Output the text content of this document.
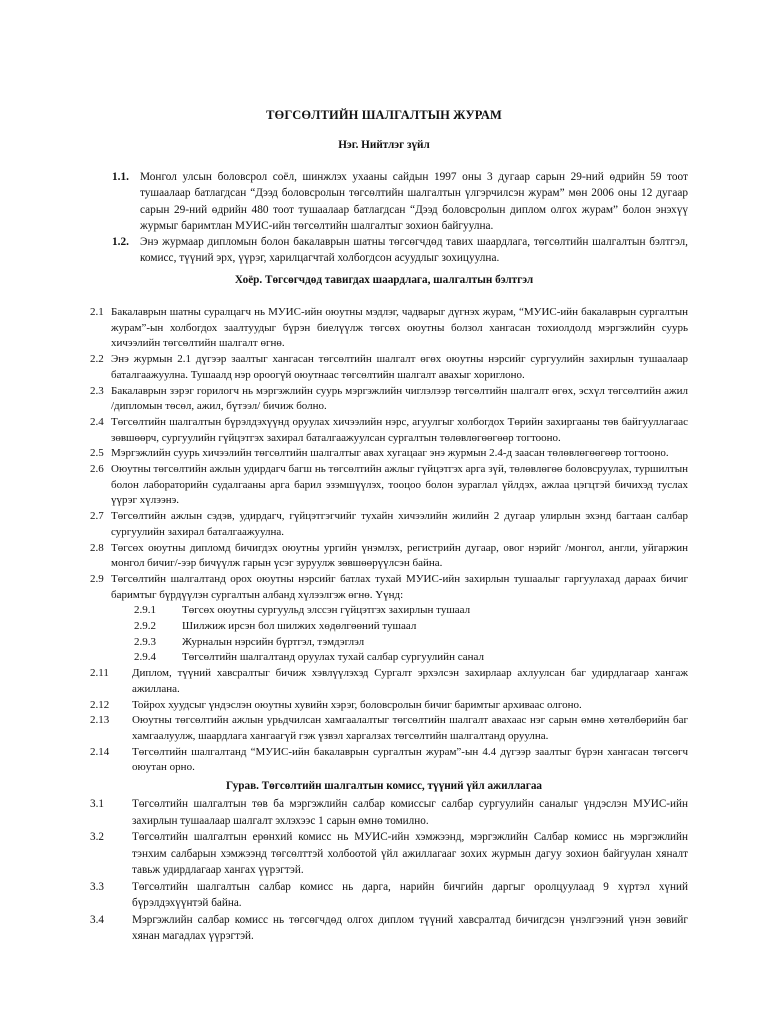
ТӨГСӨЛТИЙН ШАЛГАЛТЫН ЖУРАМ
Нэг. Нийтлэг зүйл
1.1. Монгол улсын боловсрол соёл, шинжлэх ухааны сайдын 1997 оны 3 дугаар сарын 29-ний өдрийн 59 тоот тушаалаар батлагдсан “Дээд боловсролын төгсөлтийн шалгалтын үлгэрчилсэн журам” мөн 2006 оны 12 дугаар сарын 29-ний өдрийн 480 тоот тушаалаар батлагдсан “Дээд боловсролын диплом олгох журам” болон энэхүү журмыг баримтлан МУИС-ийн төгсөлтийн шалгалтыг зохион байгуулна.
1.2. Энэ журмаар дипломын болон бакалаврын шатны төгсөгчдөд тавих шаардлага, төгсөлтийн шалгалтын бэлтгэл, комисс, түүний эрх, үүрэг, харилцагчтай холбогдсон асуудлыг зохицуулна.
Хоёр. Төгсөгчдөд тавигдах шаардлага, шалгалтын бэлтгэл
2.1 Бакалаврын шатны суралцагч нь МУИС-ийн оюутны мэдлэг, чадварыг дүгнэх журам, “МУИС-ийн бакалаврын сургалтын журам”-ын холбогдох заалтуудыг бүрэн биелүүлж төгсөх оюутны болзол хангасан тохиолдолд мэргэжлийн суурь хичээлийн төгсөлтийн шалгалт өгнө.
2.2 Энэ журмын 2.1 дүгээр заалтыг хангасан төгсөлтийн шалгалт өгөх оюутны нэрсийг сургуулийн захирлын тушаалаар баталгаажуулна. Тушаалд нэр ороогүй оюутнаас төгсөлтийн шалгалт авахыг хориглоно.
2.3 Бакалаврын зэрэг горилогч нь мэргэжлийн суурь мэргэжлийн чиглэлээр төгсөлтийн шалгалт өгөх, эсхүл төгсөлтийн ажил /дипломын төсөл, ажил, бүтээл/ бичиж болно.
2.4 Төгсөлтийн шалгалтын бүрэлдэхүүнд оруулах хичээлийн нэрс, агуулгыг холбогдох Төрийн захиргааны төв байгууллагаас зөвшөөрч, сургуулийн гүйцэтгэх захирал баталгаажуулсан сургалтын төлөвлөгөөгөөр тогтооно.
2.5 Мэргэжлийн суурь хичээлийн төгсөлтийн шалгалтыг авах хугацааг энэ журмын 2.4-д заасан төлөвлөгөөгөөр тогтооно.
2.6 Оюутны төгсөлтийн ажлын удирдагч багш нь төгсөлтийн ажлыг гүйцэтгэх арга зүй, төлөвлөгөө боловсруулах, туршилтын болон лабораторийн судалгааны арга барил эзэмшүүлэх, тооцоо болон зураглал үйлдэх, ажлаа цэгцтэй бичихэд туслах үүрэг хүлээнэ.
2.7 Төгсөлтийн ажлын сэдэв, удирдагч, гүйцэтгэгчийг тухайн хичээлийн жилийн 2 дугаар улирлын эхэнд багтаан салбар сургуулийн захирал баталгаажуулна.
2.8 Төгсөх оюутны дипломд бичигдэх оюутны ургийн үнэмлэх, регистрийн дугаар, овог нэрийг /монгол, англи, уйгаржин монгол бичиг/-ээр бичүүлж гарын үсэг зуруулж зөвшөөрүүлсэн байна.
2.9 Төгсөлтийн шалгалтанд орох оюутны нэрсийг батлах тухай МУИС-ийн захирлын тушаалыг гаргуулахад дараах бичиг баримтыг бүрдүүлэн сургалтын албанд хүлээлгэж өгнө. Үүнд:
2.9.1	Төгсөх оюутны сургуульд элссэн гүйцэтгэх захирлын тушаал
2.9.2	Шилжиж ирсэн бол шилжих хөдөлгөөний тушаал
2.9.3	Журналын нэрсийн бүртгэл, тэмдэглэл
2.9.4	Төгсөлтийн шалгалтанд оруулах тухай салбар сургуулийн санал
2.11	Диплом, түүний хавсралтыг бичиж хэвлүүлэхэд Сургалт эрхэлсэн захирлаар ахлуулсан баг удирдлагаар хангаж ажиллана.
2.12	Тойрох хуудсыг үндэслэн оюутны хувийн хэрэг, боловсролын бичиг баримтыг архиваас олгоно.
2.13	Оюутны төгсөлтийн ажлын урьдчилсан хамгаалалтыг төгсөлтийн шалгалт авахаас нэг сарын өмнө хөтөлбөрийн баг хамгаалуулж, шаардлага хангаагүй гэж үзвэл харгалзах төгсөлтийн шалгалтанд оруулна.
2.14	Төгсөлтийн шалгалтанд “МУИС-ийн бакалаврын сургалтын журам”-ын 4.4 дүгээр заалтыг бүрэн хангасан төгсөгч оюутан орно.
Гурав. Төгсөлтийн шалгалтын комисс, түүний үйл ажиллагаа
3.1	Төгсөлтийн шалгалтын төв ба мэргэжлийн салбар комиссыг салбар сургуулийн саналыг үндэслэн МУИС-ийн захирлын тушаалаар шалгалт эхлэхээс 1 сарын өмнө томилно.
3.2	Төгсөлтийн шалгалтын ерөнхий комисс нь МУИС-ийн хэмжээнд, мэргэжлийн Салбар комисс нь мэргэжлийн тэнхим салбарын хэмжээнд төгсөлттэй холбоотой үйл ажиллагааг зохих журмын дагуу зохион байгуулан хяналт тавьж удирдлагаар хангах үүрэгтэй.
3.3	Төгсөлтийн шалгалтын салбар комисс нь дарга, нарийн бичгийн даргыг оролцуулаад 9 хүртэл хүний бүрэлдэхүүнтэй байна.
3.4	Мэргэжлийн салбар комисс нь төгсөгчдөд олгох диплом түүний хавсралтад бичигдсэн үнэлгээний үнэн зөвийг хянан магадлах үүрэгтэй.
